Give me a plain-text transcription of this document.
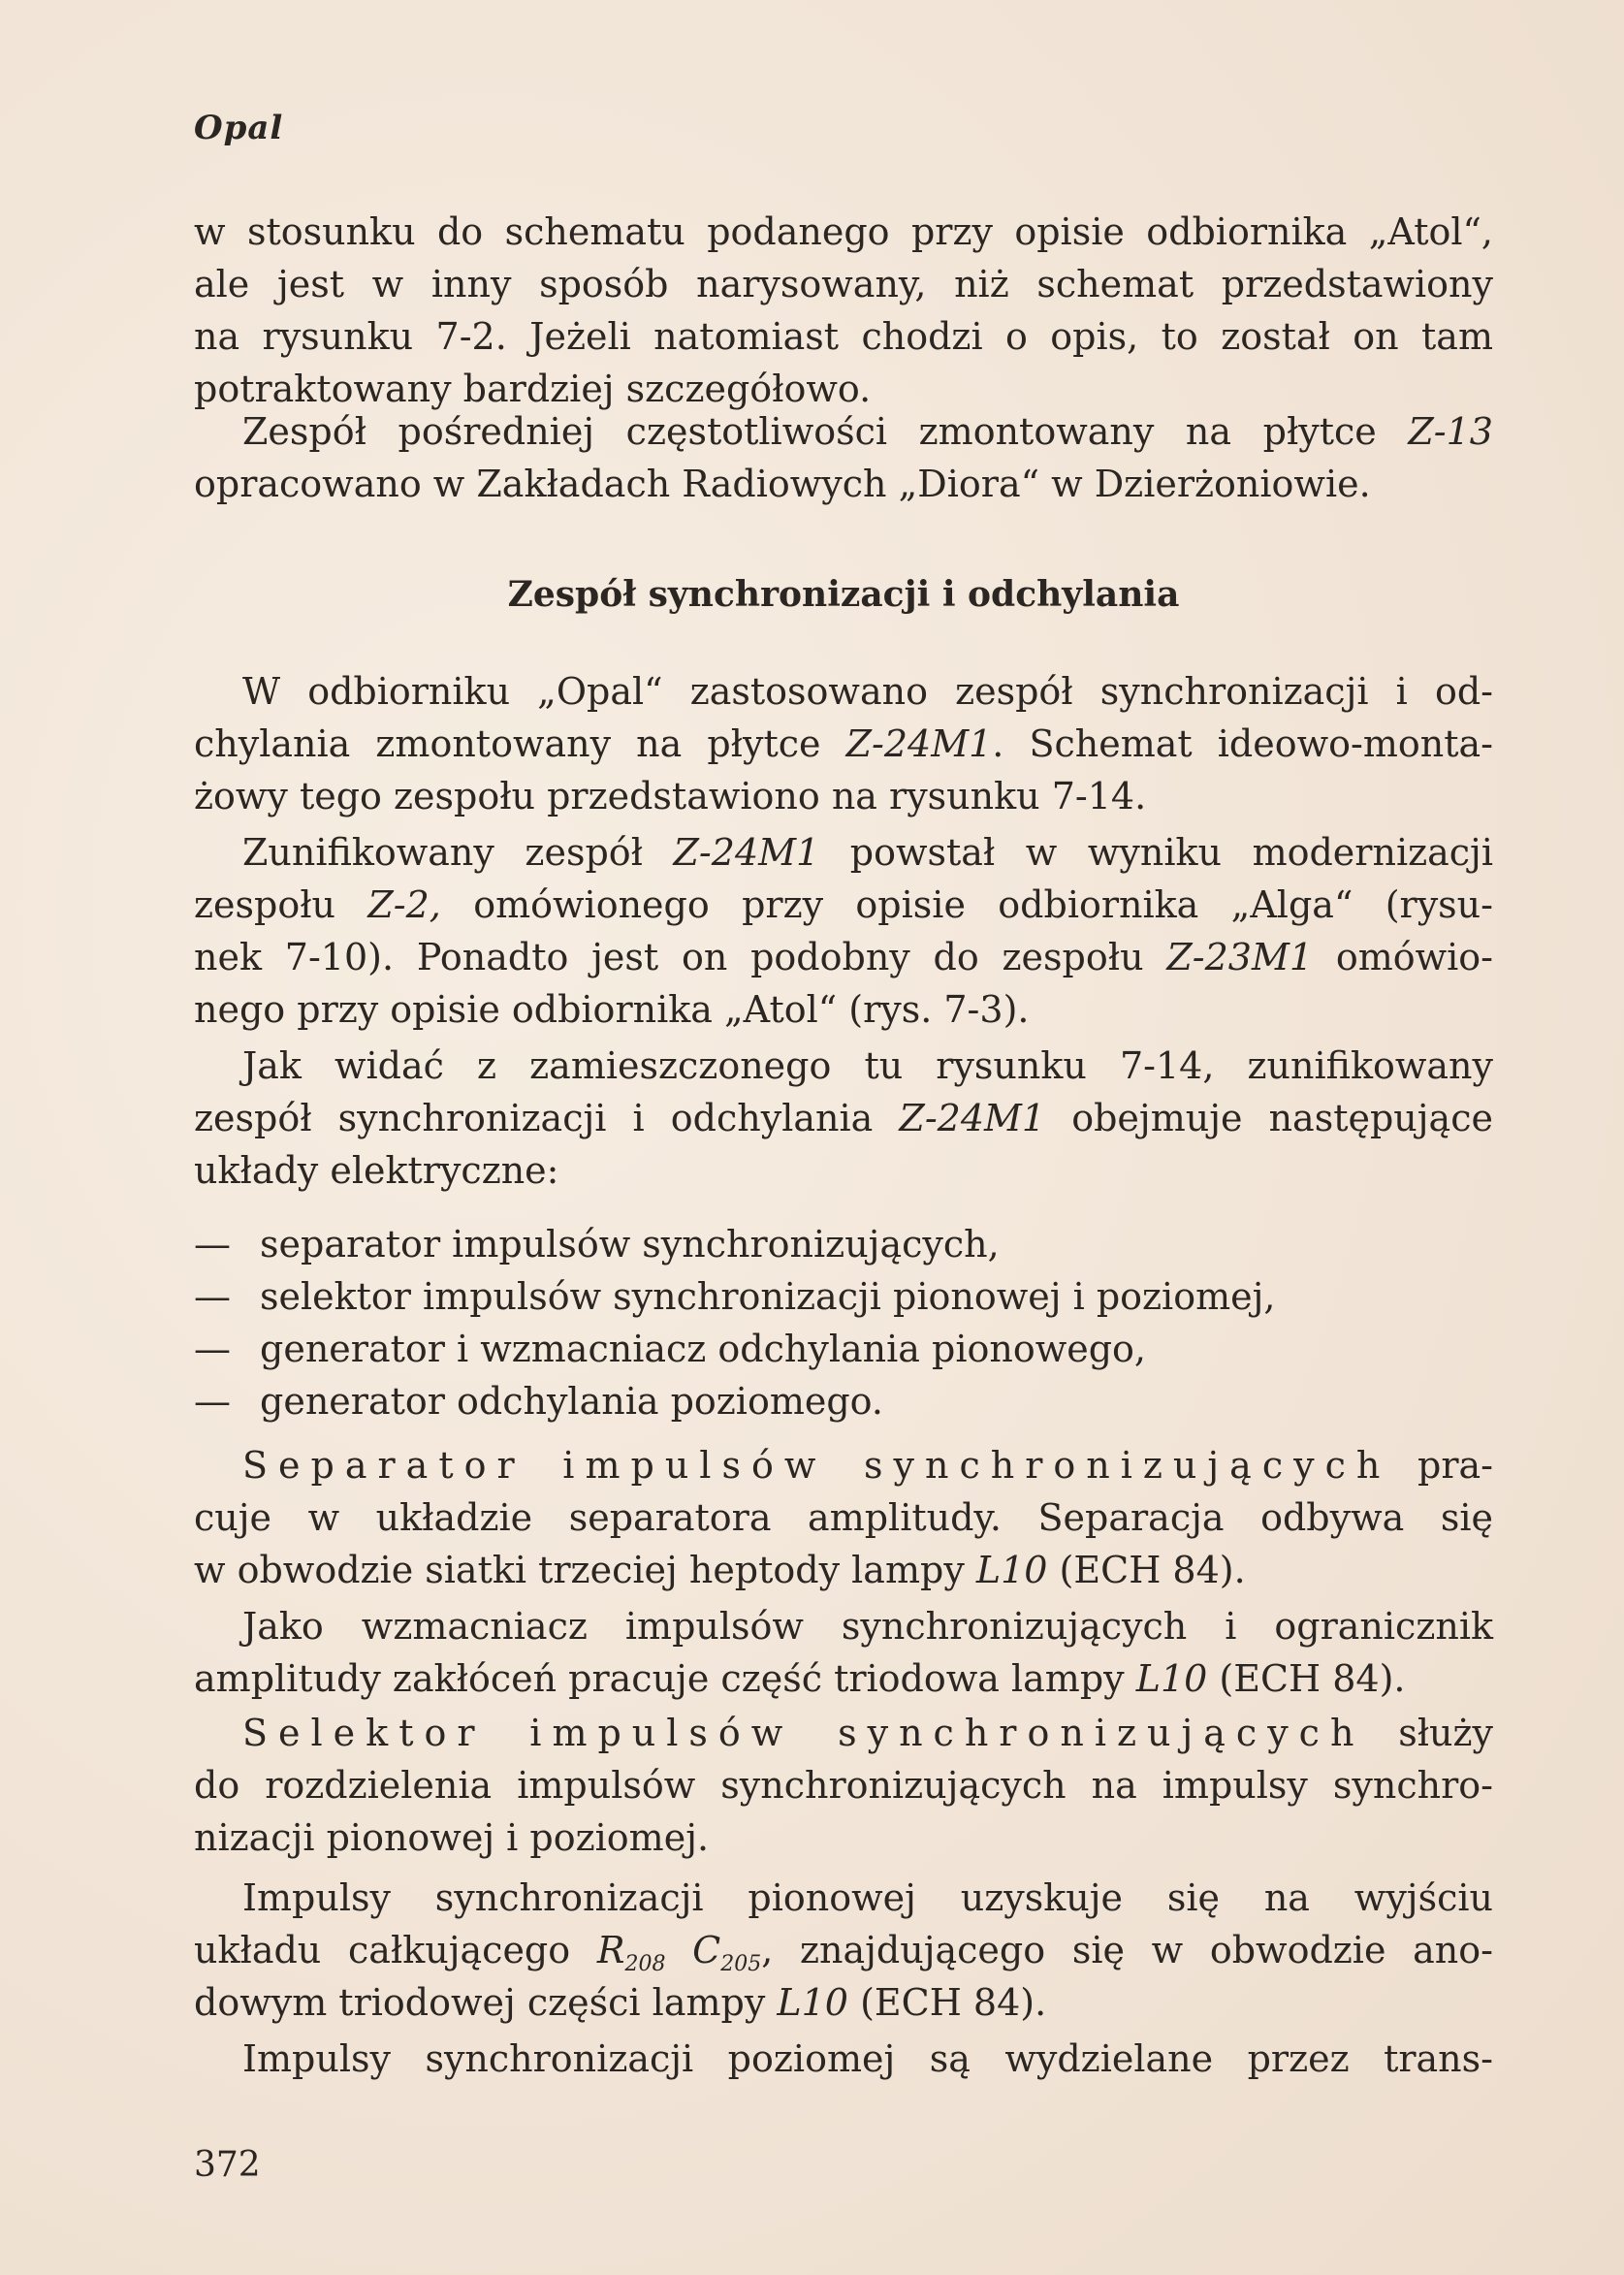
Opal
w stosunku do schematu podanego przy opisie odbiornika „Atol“,
ale jest w inny sposób narysowany, niż schemat przedstawiony
na rysunku 7-2. Jeżeli natomiast chodzi o opis, to został on tam
potraktowany bardziej szczegółowo.
Zespół pośredniej częstotliwości zmontowany na płytce Z-13
opracowano w Zakładach Radiowych „Diora“ w Dzierżoniowie.
Zespół synchronizacji i odchylania
W odbiorniku „Opal“ zastosowano zespół synchronizacji i od-
chylania zmontowany na płytce Z-24M1. Schemat ideowo-monta-
żowy tego zespołu przedstawiono na rysunku 7-14.
Zunifikowany zespół Z-24M1 powstał w wyniku modernizacji
zespołu Z-2, omówionego przy opisie odbiornika „Alga“ (rysu-
nek 7-10). Ponadto jest on podobny do zespołu Z-23M1 omówio-
nego przy opisie odbiornika „Atol“ (rys. 7-3).
Jak widać z zamieszczonego tu rysunku 7-14, zunifikowany
zespół synchronizacji i odchylania Z-24M1 obejmuje następujące
układy elektryczne:
— separator impulsów synchronizujących,
— selektor impulsów synchronizacji pionowej i poziomej,
— generator i wzmacniacz odchylania pionowego,
— generator odchylania poziomego.
Separator impulsów synchronizujących pra-
cuje w układzie separatora amplitudy. Separacja odbywa się
w obwodzie siatki trzeciej heptody lampy L10 (ECH 84).
Jako wzmacniacz impulsów synchronizujących i ogranicznik
amplitudy zakłóceń pracuje część triodowa lampy L10 (ECH 84).
Selektor impulsów synchronizujących służy
do rozdzielenia impulsów synchronizujących na impulsy synchro-
nizacji pionowej i poziomej.
Impulsy synchronizacji pionowej uzyskuje się na wyjściu
układu całkującego $R_{208}$ $C_{205}$, znajdującego się w obwodzie ano-
dowym triodowej części lampy L10 (ECH 84).
Impulsy synchronizacji poziomej są wydzielane przez trans-
372
